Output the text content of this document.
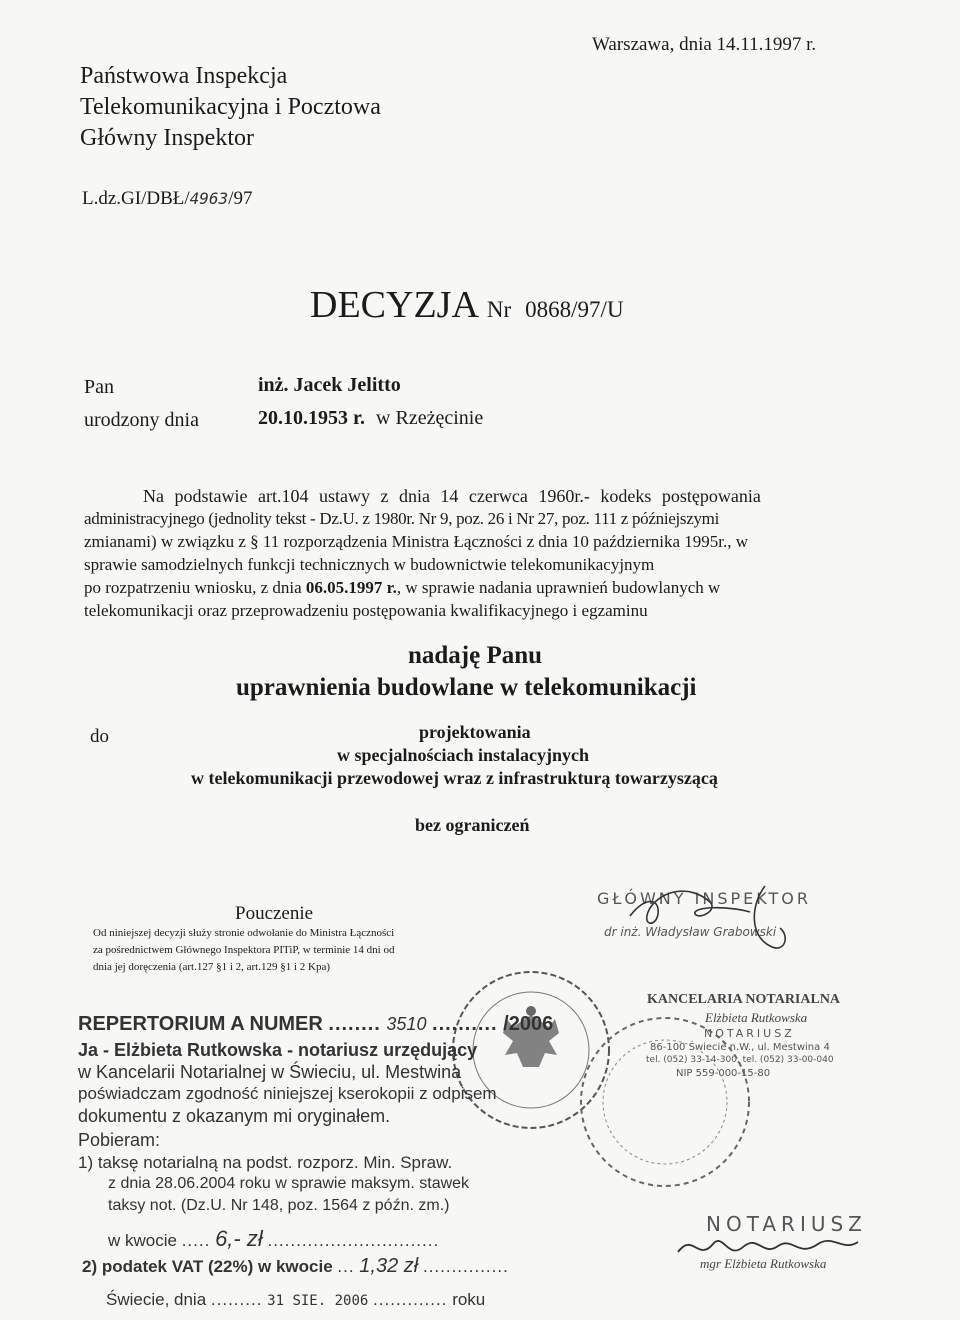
Warszawa, dnia 14.11.1997 r.
Państwowa Inspekcja
Telekomunikacyjna i Pocztowa
Główny Inspektor
L.dz.GI/DBŁ/4963/97
DECYZJA Nr 0868/97/U
Pan	inż. Jacek Jelitto
urodzony dnia	20.10.1953 r. w Rzeżęcinie
Na podstawie art.104 ustawy z dnia 14 czerwca 1960r.- kodeks postępowania
administracyjnego (jednolity tekst - Dz.U. z 1980r. Nr 9, poz. 26 i Nr 27, poz. 111 z późniejszymi
zmianami) w związku z § 11 rozporządzenia Ministra Łączności z dnia 10 października 1995r., w
sprawie samodzielnych funkcji technicznych w budownictwie telekomunikacyjnym
po rozpatrzeniu wniosku, z dnia 06.05.1997 r., w sprawie nadania uprawnień budowlanych w
telekomunikacji oraz przeprowadzeniu postępowania kwalifikacyjnego i egzaminu
nadaję Panu
uprawnienia budowlane w telekomunikacji
do	projektowania
w specjalnościach instalacyjnych
w telekomunikacji przewodowej wraz z infrastrukturą towarzyszącą
bez ograniczeń
Pouczenie
Od niniejszej decyzji służy stronie odwołanie do Ministra Łączności
za pośrednictwem Głównego Inspektora PITiP, w terminie 14 dni od
dnia jej doręczenia (art.127 §1 i 2, art.129 §1 i 2 Kpa)
GŁÓWNY INSPEKTOR
dr inż. Władysław Grabowski
KANCELARIA NOTARIALNA
Elżbieta Rutkowska
NOTARIUSZ
86-100 Świecie n.W., ul. Mestwina 4
tel. (052) 33-14-300, tel. (052) 33-00-040
NIP 559-000-15-80
REPERTORIUM A NUMER ........ 3510 .......... /2006
Ja - Elżbieta Rutkowska - notariusz urzędujący
w Kancelarii Notarialnej w Świeciu, ul. Mestwina
poświadczam zgodność niniejszej kserokopii z odpisem
dokumentu z okazanym mi oryginałem.
Pobieram:
1) taksę notarialną na podst. rozporz. Min. Spraw.
z dnia 28.06.2004 roku w sprawie maksym. stawek
taksy not. (Dz.U. Nr 148, poz. 1564 z późn. zm.)
w kwocie ..... 6,- zł ..............................
2) podatek VAT (22%) w kwocie ... 1,32 zł ...............
Świecie, dnia ......... 31 SIE. 2006 ............. roku
NOTARIUSZ
mgr Elżbieta Rutkowska
